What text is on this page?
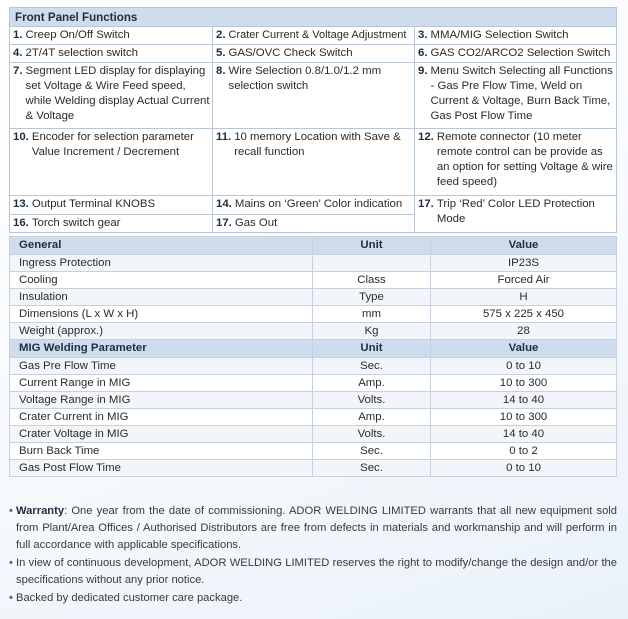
Front Panel Functions		

1. Creep On/Off Switch	2. Crater Current & Voltage Adjustment	3. MMA/MIG Selection Switch

4. 2T/4T selection switch	5. GAS/OVC Check Switch	6. GAS CO2/ARCO2 Selection Switch

7. Segment LED display for displaying set Voltage & Wire Feed speed, while Welding display Actual Current & Voltage	8. Wire Selection 0.8/1.0/1.2 mm selection switch	9. Menu Switch Selecting all Functions - Gas Pre Flow Time, Weld on Current & Voltage, Burn Back Time, Gas Post Flow Time

10. Encoder for selection parameter Value Increment / Decrement	11. 10 memory Location with Save & recall function	12. Remote connector (10 meter remote control can be provide as an option for setting Voltage & wire feed speed)

13. Output Terminal KNOBS	14. Mains on ‘Green’ Color indication	17. Trip ‘Red’ Color LED Protection Mode

16. Torch switch gear	17. Gas Out	
General	Unit	Value
Ingress Protection		IP23S
Cooling	Class	Forced Air
Insulation	Type	H
Dimensions (L x W x H)	mm	575 x 225 x 450
Weight (approx.)	Kg	28
MIG Welding Parameter	Unit	Value
Gas Pre Flow Time	Sec.	0 to 10
Current Range in MIG	Amp.	10 to 300
Voltage Range in MIG	Volts.	14 to 40
Crater Current in MIG	Amp.	10 to 300
Crater Voltage in MIG	Volts.	14 to 40
Burn Back Time	Sec.	0 to 2
Gas Post Flow Time	Sec.	0 to 10
• Warranty: One year from the date of commissioning. ADOR WELDING LIMITED warrants that all new equipment sold from Plant/Area Offices / Authorised Distributors are free from defects in materials and workmanship and will perform in full accordance with applicable specifications.
• In view of continuous development, ADOR WELDING LIMITED reserves the right to modify/change the design and/or the specifications without any prior notice.
• Backed by dedicated customer care package.
